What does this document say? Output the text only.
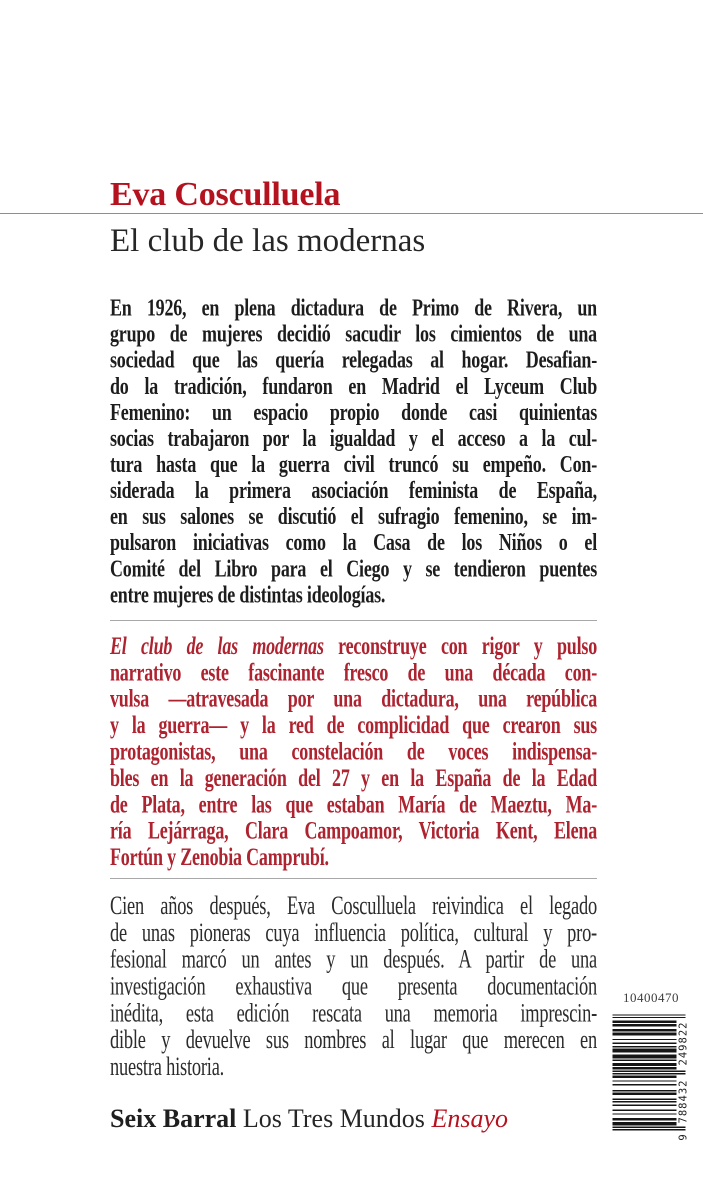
Eva Cosculluela
El club de las modernas
En 1926, en plena dictadura de Primo de Rivera, un
grupo de mujeres decidió sacudir los cimientos de una
sociedad que las quería relegadas al hogar. Desafian-
do la tradición, fundaron en Madrid el Lyceum Club
Femenino: un espacio propio donde casi quinientas
socias trabajaron por la igualdad y el acceso a la cul-
tura hasta que la guerra civil truncó su empeño. Con-
siderada la primera asociación feminista de España,
en sus salones se discutió el sufragio femenino, se im-
pulsaron iniciativas como la Casa de los Niños o el
Comité del Libro para el Ciego y se tendieron puentes
entre mujeres de distintas ideologías.
El club de las modernas reconstruye con rigor y pulso
narrativo este fascinante fresco de una década con-
vulsa —atravesada por una dictadura, una república
y la guerra— y la red de complicidad que crearon sus
protagonistas, una constelación de voces indispensa-
bles en la generación del 27 y en la España de la Edad
de Plata, entre las que estaban María de Maeztu, Ma-
ría Lejárraga, Clara Campoamor, Victoria Kent, Elena
Fortún y Zenobia Camprubí.
Cien años después, Eva Cosculluela reivindica el legado
de unas pioneras cuya influencia política, cultural y pro-
fesional marcó un antes y un después. A partir de una
investigación exhaustiva que presenta documentación
inédita, esta edición rescata una memoria imprescin-
dible y devuelve sus nombres al lugar que merecen en
nuestra historia.
Seix Barral Los Tres Mundos Ensayo
10400470
9
788432
249822
